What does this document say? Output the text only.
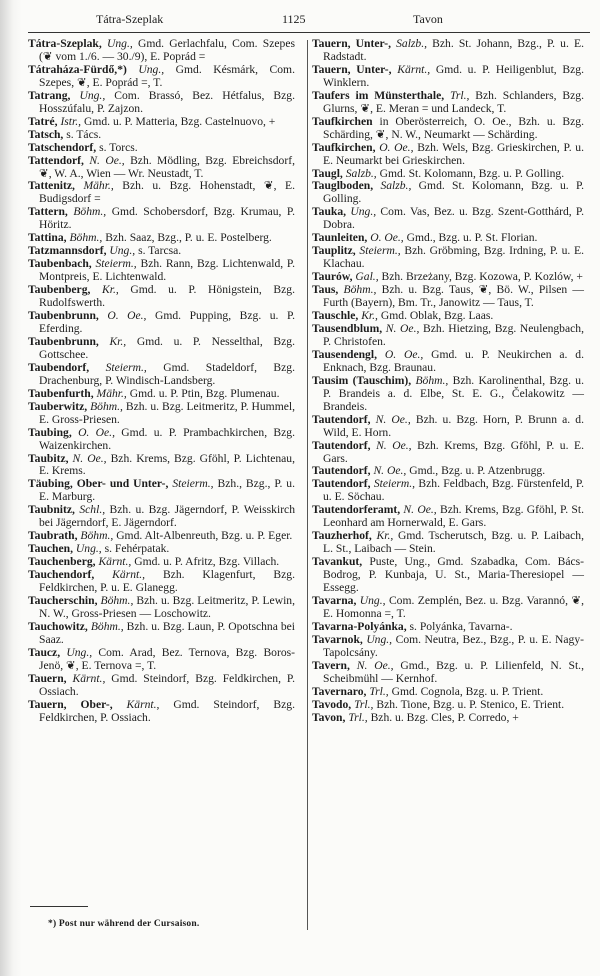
Tátra-Szeplak	1125	Tavon

Tátra-Szeplak, Ung., Gmd. Gerlachfalu, Com. Szepes (❦ vom 1./6. — 30./9), E. Poprád =

Tátraháza-Fürdő,*) Ung., Gmd. Késmárk, Com. Szepes, ❦, E. Poprád =, T.

Tatrang, Ung., Com. Brassó, Bez. Hétfalus, Bzg. Hosszúfalu, P. Zajzon.

Tatré, Istr., Gmd. u. P. Matteria, Bzg. Castelnuovo, +

Tatsch, s. Tács.

Tatschendorf, s. Torcs.

Tattendorf, N. Oe., Bzh. Mödling, Bzg. Ebreichsdorf, ❦, W. A., Wien — Wr. Neustadt, T.

Tattenitz, Mähr., Bzh. u. Bzg. Hohenstadt, ❦, E. Budigsdorf =

Tattern, Böhm., Gmd. Schobersdorf, Bzg. Krumau, P. Höritz.

Tattina, Böhm., Bzh. Saaz, Bzg., P. u. E. Postelberg.

Tatzmannsdorf, Ung., s. Tarcsa.

Taubenbach, Steierm., Bzh. Rann, Bzg. Lichtenwald, P. Montpreis, E. Lichtenwald.

Taubenberg, Kr., Gmd. u. P. Hönigstein, Bzg. Rudolfswerth.

Taubenbrunn, O. Oe., Gmd. Pupping, Bzg. u. P. Eferding.

Taubenbrunn, Kr., Gmd. u. P. Nesselthal, Bzg. Gottschee.

Taubendorf, Steierm., Gmd. Stadeldorf, Bzg. Drachenburg, P. Windisch-Landsberg.

Taubenfurth, Mähr., Gmd. u. P. Ptin, Bzg. Plumenau.

Tauberwitz, Böhm., Bzh. u. Bzg. Leitmeritz, P. Hummel, E. Gross-Priesen.

Taubing, O. Oe., Gmd. u. P. Prambachkirchen, Bzg. Waizenkirchen.

Taubitz, N. Oe., Bzh. Krems, Bzg. Gföhl, P. Lichtenau, E. Krems.

Täubing, Ober- und Unter-, Steierm., Bzh., Bzg., P. u. E. Marburg.

Taubnitz, Schl., Bzh. u. Bzg. Jägerndorf, P. Weisskirch bei Jägerndorf, E. Jägerndorf.

Taubrath, Böhm., Gmd. Alt-Albenreuth, Bzg. u. P. Eger.

Tauchen, Ung., s. Fehérpatak.

Tauchenberg, Kärnt., Gmd. u. P. Afritz, Bzg. Villach.

Tauchendorf, Kärnt., Bzh. Klagenfurt, Bzg. Feldkirchen, P. u. E. Glanegg.

Taucherschin, Böhm., Bzh. u. Bzg. Leitmeritz, P. Lewin, N. W., Gross-Priesen — Loschowitz.

Tauchowitz, Böhm., Bzh. u. Bzg. Laun, P. Opotschna bei Saaz.

Taucz, Ung., Com. Arad, Bez. Ternova, Bzg. Boros-Jenö, ❦, E. Ternova =, T.

Tauern, Kärnt., Gmd. Steindorf, Bzg. Feldkirchen, P. Ossiach.

Tauern, Ober-, Kärnt., Gmd. Steindorf, Bzg. Feldkirchen, P. Ossiach.

Tauern, Unter-, Salzb., Bzh. St. Johann, Bzg., P. u. E. Radstadt.

Tauern, Unter-, Kärnt., Gmd. u. P. Heiligenblut, Bzg. Winklern.

Taufers im Münsterthale, Trl., Bzh. Schlanders, Bzg. Glurns, ❦, E. Meran = und Landeck, T.

Taufkirchen in Oberösterreich, O. Oe., Bzh. u. Bzg. Schärding, ❦, N. W., Neumarkt — Schärding.

Taufkirchen, O. Oe., Bzh. Wels, Bzg. Grieskirchen, P. u. E. Neumarkt bei Grieskirchen.

Taugl, Salzb., Gmd. St. Kolomann, Bzg. u. P. Golling.

Tauglboden, Salzb., Gmd. St. Kolomann, Bzg. u. P. Golling.

Tauka, Ung., Com. Vas, Bez. u. Bzg. Szent-Gotthárd, P. Dobra.

Taunleiten, O. Oe., Gmd., Bzg. u. P. St. Florian.

Tauplitz, Steierm., Bzh. Gröbming, Bzg. Irdning, P. u. E. Klachau.

Taurów, Gal., Bzh. Brzeżany, Bzg. Kozowa, P. Kozlów, +

Taus, Böhm., Bzh. u. Bzg. Taus, ❦, Bö. W., Pilsen — Furth (Bayern), Bm. Tr., Janowitz — Taus, T.

Tauschle, Kr., Gmd. Oblak, Bzg. Laas.

Tausendblum, N. Oe., Bzh. Hietzing, Bzg. Neulengbach, P. Christofen.

Tausendengl, O. Oe., Gmd. u. P. Neukirchen a. d. Enknach, Bzg. Braunau.

Tausim (Tauschim), Böhm., Bzh. Karolinenthal, Bzg. u. P. Brandeis a. d. Elbe, St. E. G., Čelakowitz — Brandeis.

Tautendorf, N. Oe., Bzh. u. Bzg. Horn, P. Brunn a. d. Wild, E. Horn.

Tautendorf, N. Oe., Bzh. Krems, Bzg. Gföhl, P. u. E. Gars.

Tautendorf, N. Oe., Gmd., Bzg. u. P. Atzenbrugg.

Tautendorf, Steierm., Bzh. Feldbach, Bzg. Fürstenfeld, P. u. E. Söchau.

Tautendorferamt, N. Oe., Bzh. Krems, Bzg. Gföhl, P. St. Leonhard am Hornerwald, E. Gars.

Tauzherhof, Kr., Gmd. Tscherutsch, Bzg. u. P. Laibach, L. St., Laibach — Stein.

Tavankut, Puste, Ung., Gmd. Szabadka, Com. Bács-Bodrog, P. Kunbaja, U. St., Maria-Theresiopel — Essegg.

Tavarna, Ung., Com. Zemplén, Bez. u. Bzg. Varannó, ❦, E. Homonna =, T.

Tavarna-Polyánka, s. Polyánka, Tavarna-.

Tavarnok, Ung., Com. Neutra, Bez., Bzg., P. u. E. Nagy-Tapolcsány.

Tavern, N. Oe., Gmd., Bzg. u. P. Lilienfeld, N. St., Scheibmühl — Kernhof.

Tavernaro, Trl., Gmd. Cognola, Bzg. u. P. Trient.

Tavodo, Trl., Bzh. Tione, Bzg. u. P. Stenico, E. Trient.

Tavon, Trl., Bzh. u. Bzg. Cles, P. Corredo, +

*) Post nur während der Cursaison.
